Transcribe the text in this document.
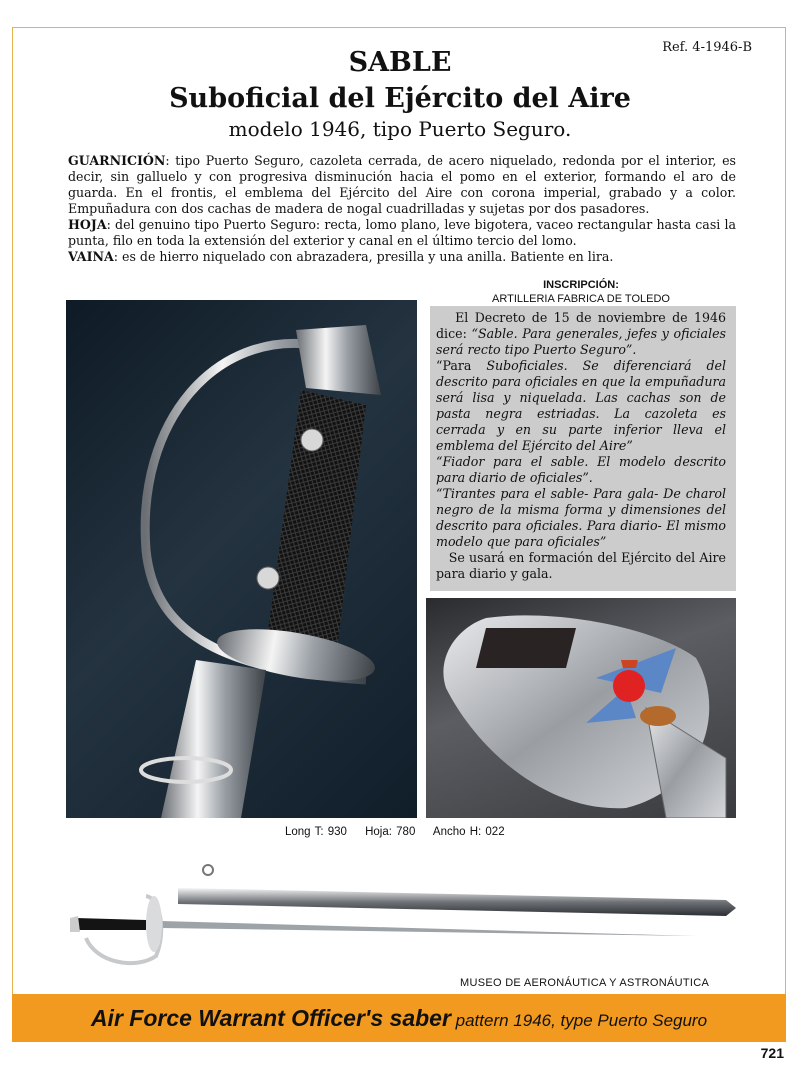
Ref. 4-1946-B
SABLE
Suboficial del Ejército del Aire
modelo 1946, tipo Puerto Seguro.

GUARNICIÓN: tipo Puerto Seguro, cazoleta cerrada, de acero niquelado, redonda por el interior, es decir, sin galluelo y con progresiva disminución hacia el pomo en el exterior, formando el aro de guarda. En el frontis, el emblema del Ejército del Aire con corona imperial, grabado y a color. Empuñadura con dos cachas de madera de nogal cuadrilladas y sujetas por dos pasadores.

HOJA: del genuino tipo Puerto Seguro: recta, lomo plano, leve bigotera, vaceo rectangular hasta casi la punta, filo en toda la extensión del exterior y canal en el último tercio del lomo.

VAINA: es de hierro niquelado con abrazadera, presilla y una anilla. Batiente en lira.

INSCRIPCIÓN:
ARTILLERIA FABRICA DE TOLEDO

El Decreto de 15 de noviembre de 1946 dice: “Sable. Para generales, jefes y oficiales será recto tipo Puerto Seguro”.

“Para Suboficiales. Se diferenciará del descrito para oficiales en que la empuñadura será lisa y niquelada. Las cachas son de pasta negra estriadas. La cazoleta es cerrada y en su parte inferior lleva el emblema del Ejército del Aire”

“Fiador para el sable. El modelo descrito para diario de oficiales”.

“Tirantes para el sable- Para gala- De charol negro de la misma forma y dimensiones del descrito para oficiales. Para diario- El mismo modelo que para oficiales”

Se usará en formación del Ejército del Aire para diario y gala.

Long T: 930 Hoja: 780 Ancho H: 022
MUSEO DE AERONÁUTICA Y ASTRONÁUTICA
Air Force Warrant Officer's saber pattern 1946, type Puerto Seguro
721
